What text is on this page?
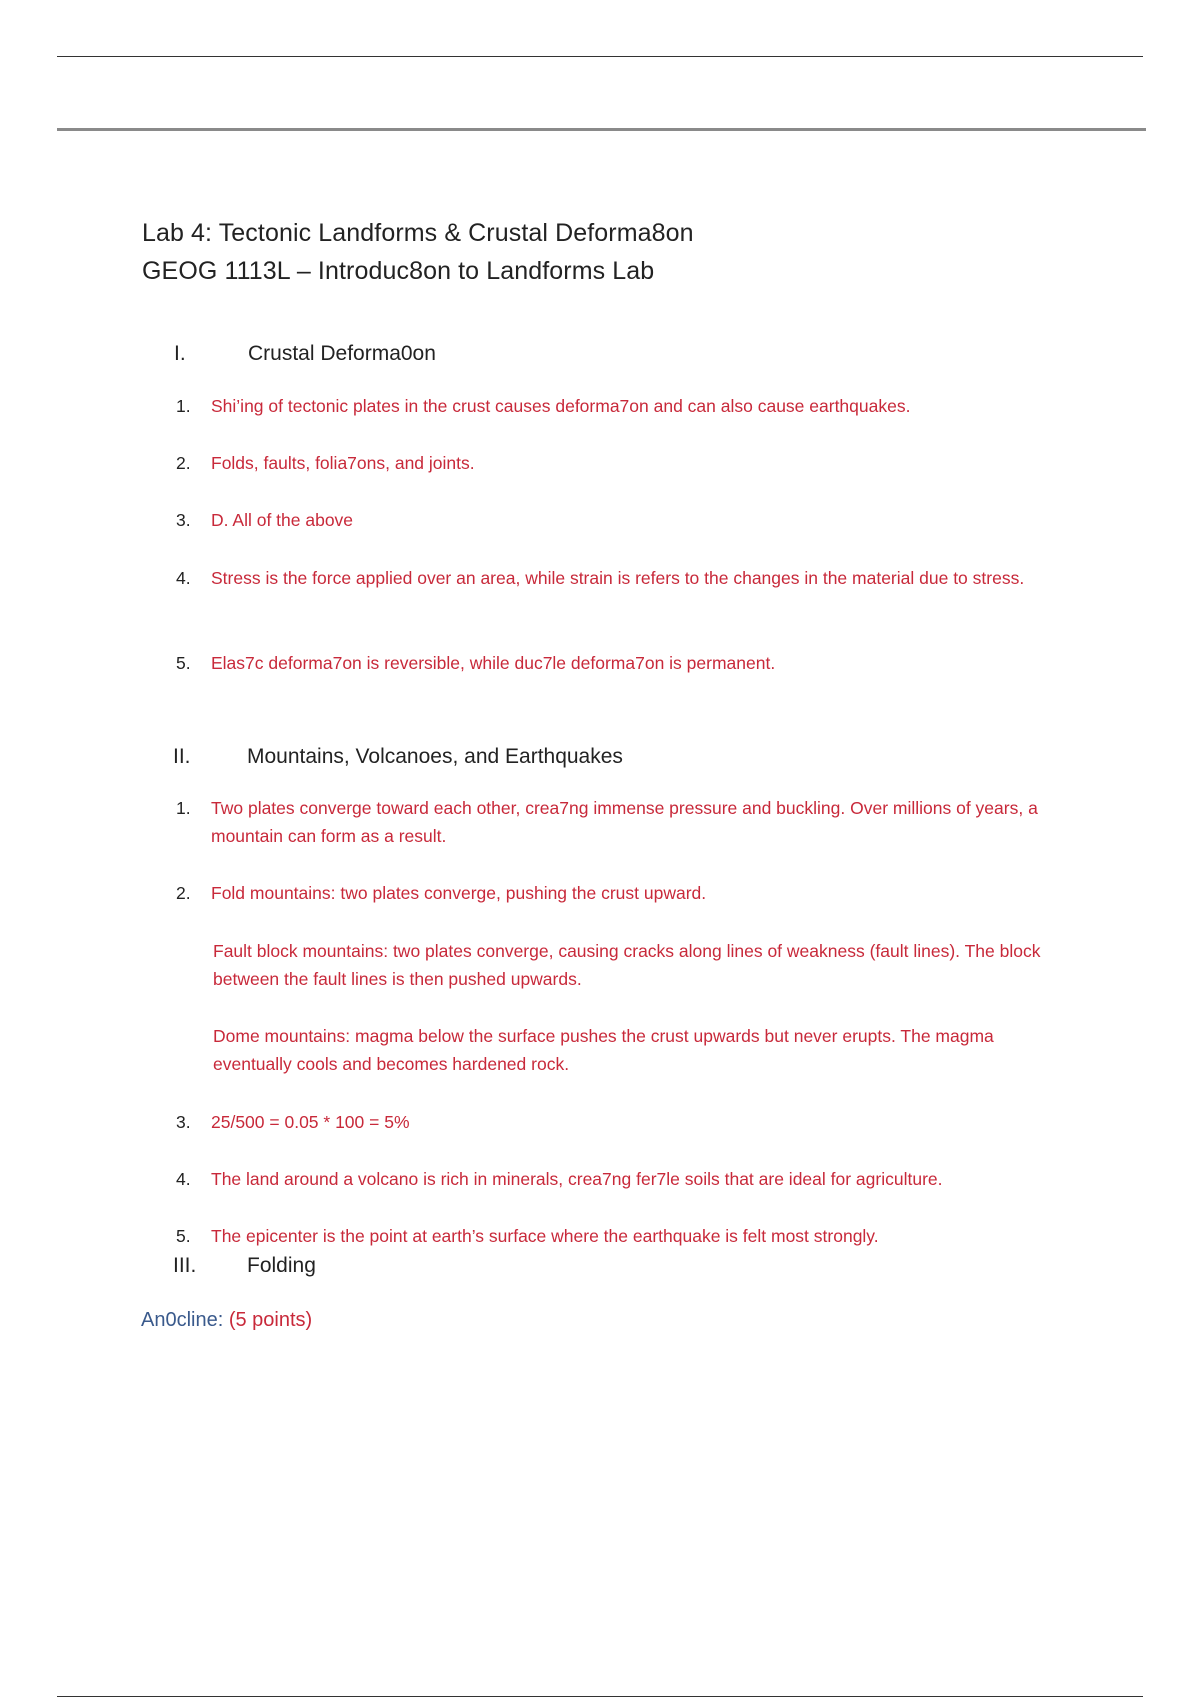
Lab 4: Tectonic Landforms & Crustal Deforma8on
GEOG 1113L – Introduc8on to Landforms Lab
I.	Crustal Deforma0on
1.	Shi’ing of tectonic plates in the crust causes deforma7on and can also cause earthquakes.
2.	Folds, faults, folia7ons, and joints.
3.	D. All of the above
4.	Stress is the force applied over an area, while strain is refers to the changes in the material due to stress.
5.	Elas7c deforma7on is reversible, while duc7le deforma7on is permanent.
II.	Mountains, Volcanoes, and Earthquakes
1.	Two plates converge toward each other, crea7ng immense pressure and buckling. Over millions of years, a mountain can form as a result.
2.	Fold mountains: two plates converge, pushing the crust upward.
Fault block mountains: two plates converge, causing cracks along lines of weakness (fault lines). The block between the fault lines is then pushed upwards.
Dome mountains: magma below the surface pushes the crust upwards but never erupts. The magma eventually cools and becomes hardened rock.
3.	25/500 = 0.05 * 100 = 5%
4.	The land around a volcano is rich in minerals, crea7ng fer7le soils that are ideal for agriculture.
5.	The epicenter is the point at earth’s surface where the earthquake is felt most strongly.
III. Folding
An0cline: (5 points)
